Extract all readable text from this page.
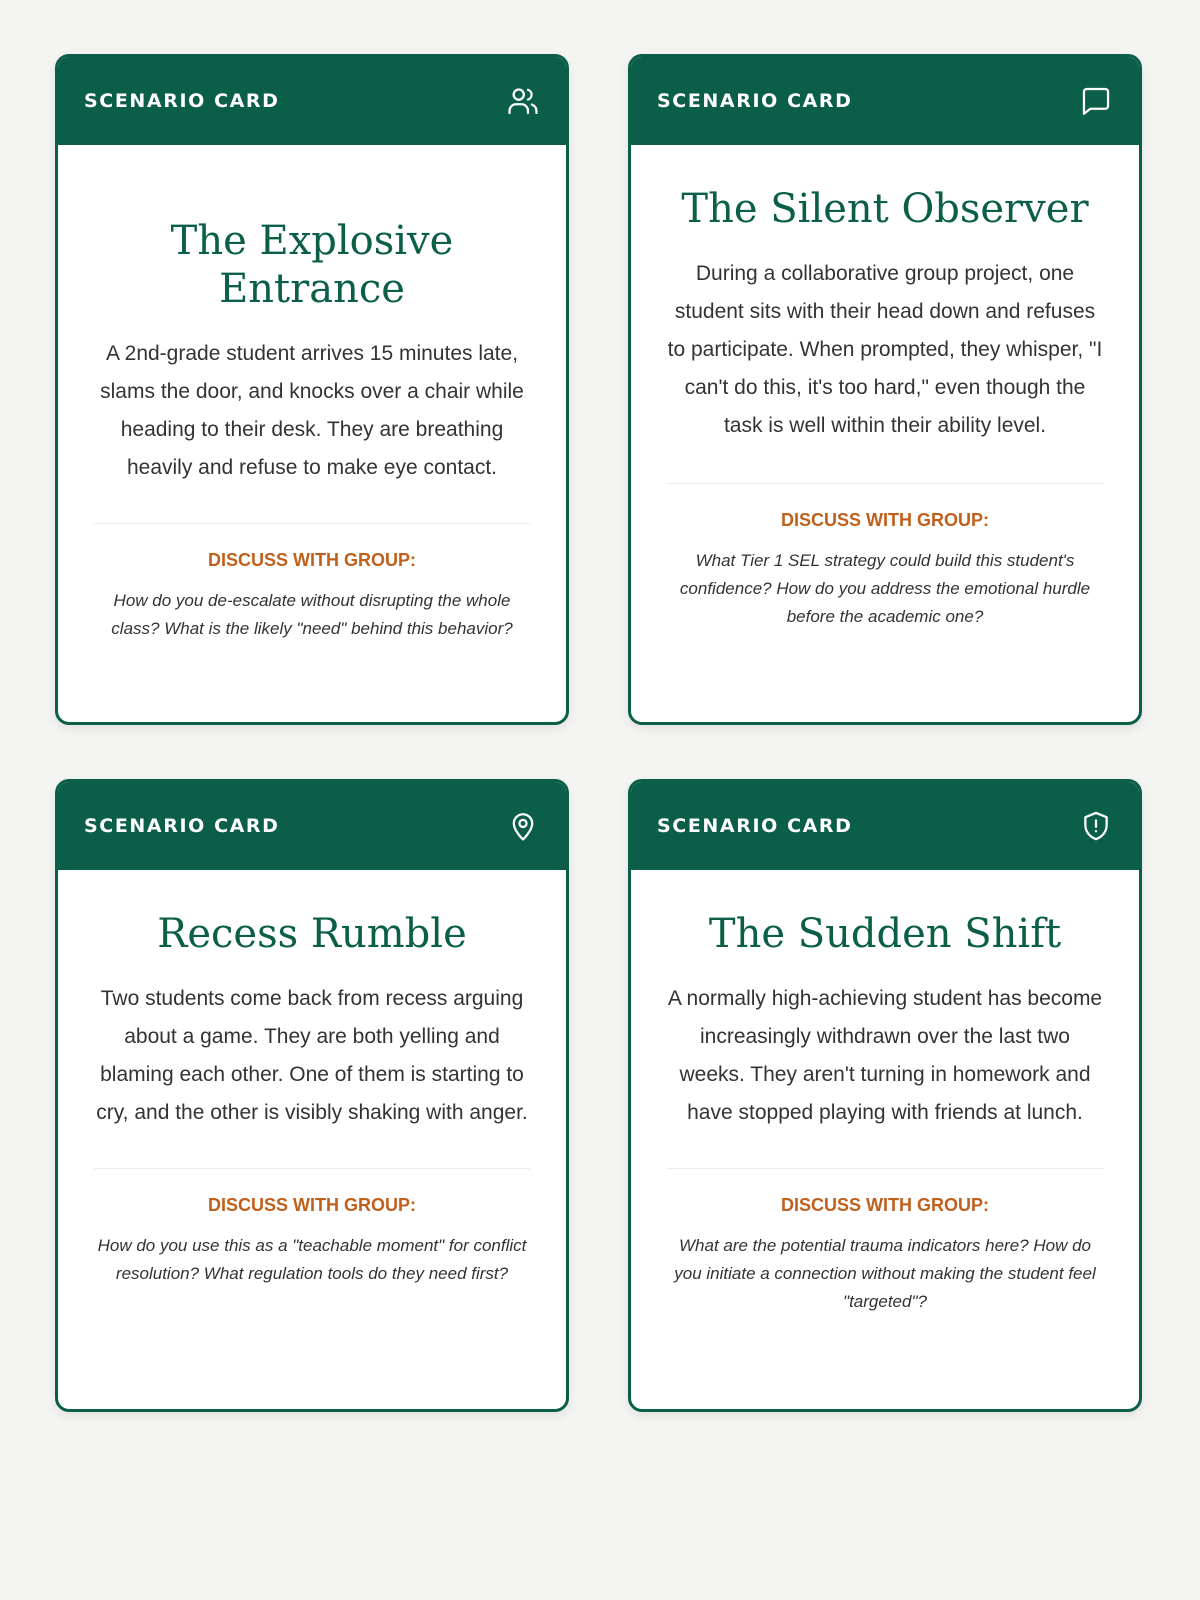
SCENARIO CARD
The Explosive Entrance

A 2nd-grade student arrives 15 minutes late, slams the door, and knocks over a chair while heading to their desk. They are breathing heavily and refuse to make eye contact.

DISCUSS WITH GROUP:

How do you de-escalate without disrupting the whole class? What is the likely "need" behind this behavior?

SCENARIO CARD
The Silent Observer

During a collaborative group project, one student sits with their head down and refuses to participate. When prompted, they whisper, "I can't do this, it's too hard," even though the task is well within their ability level.

DISCUSS WITH GROUP:

What Tier 1 SEL strategy could build this student's confidence? How do you address the emotional hurdle before the academic one?

SCENARIO CARD
Recess Rumble

Two students come back from recess arguing about a game. They are both yelling and blaming each other. One of them is starting to cry, and the other is visibly shaking with anger.

DISCUSS WITH GROUP:

How do you use this as a "teachable moment" for conflict resolution? What regulation tools do they need first?

SCENARIO CARD
The Sudden Shift

A normally high-achieving student has become increasingly withdrawn over the last two weeks. They aren't turning in homework and have stopped playing with friends at lunch.

DISCUSS WITH GROUP:

What are the potential trauma indicators here? How do you initiate a connection without making the student feel "targeted"?
